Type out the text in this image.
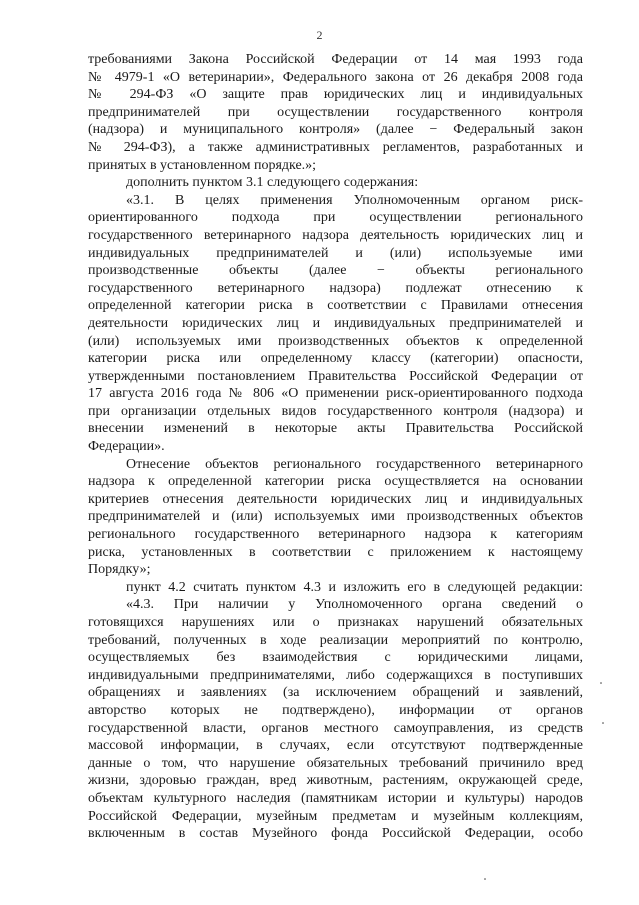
2
требованиями Закона Российской Федерации от 14 мая 1993 года
№ 4979-1 «О ветеринарии», Федерального закона от 26 декабря 2008 года
№ 294-ФЗ «О защите прав юридических лиц и индивидуальных
предпринимателей при осуществлении государственного контроля
(надзора) и муниципального контроля» (далее − Федеральный закон
№ 294-ФЗ), а также административных регламентов, разработанных и
принятых в установленном порядке.»;
дополнить пунктом 3.1 следующего содержания:
«3.1. В целях применения Уполномоченным органом риск-
ориентированного подхода при осуществлении регионального
государственного ветеринарного надзора деятельность юридических лиц и
индивидуальных предпринимателей и (или) используемые ими
производственные объекты (далее − объекты регионального
государственного ветеринарного надзора) подлежат отнесению к
определенной категории риска в соответствии с Правилами отнесения
деятельности юридических лиц и индивидуальных предпринимателей и
(или) используемых ими производственных объектов к определенной
категории риска или определенному классу (категории) опасности,
утвержденными постановлением Правительства Российской Федерации от
17 августа 2016 года № 806 «О применении риск-ориентированного подхода
при организации отдельных видов государственного контроля (надзора) и
внесении изменений в некоторые акты Правительства Российской
Федерации».
Отнесение объектов регионального государственного ветеринарного
надзора к определенной категории риска осуществляется на основании
критериев отнесения деятельности юридических лиц и индивидуальных
предпринимателей и (или) используемых ими производственных объектов
регионального государственного ветеринарного надзора к категориям
риска, установленных в соответствии с приложением к настоящему
Порядку»;
пункт 4.2 считать пунктом 4.3 и изложить его в следующей редакции:
«4.3. При наличии у Уполномоченного органа сведений о
готовящихся нарушениях или о признаках нарушений обязательных
требований, полученных в ходе реализации мероприятий по контролю,
осуществляемых без взаимодействия с юридическими лицами,
индивидуальными предпринимателями, либо содержащихся в поступивших
обращениях и заявлениях (за исключением обращений и заявлений,
авторство которых не подтверждено), информации от органов
государственной власти, органов местного самоуправления, из средств
массовой информации, в случаях, если отсутствуют подтвержденные
данные о том, что нарушение обязательных требований причинило вред
жизни, здоровью граждан, вред животным, растениям, окружающей среде,
объектам культурного наследия (памятникам истории и культуры) народов
Российской Федерации, музейным предметам и музейным коллекциям,
включенным в состав Музейного фонда Российской Федерации, особо
